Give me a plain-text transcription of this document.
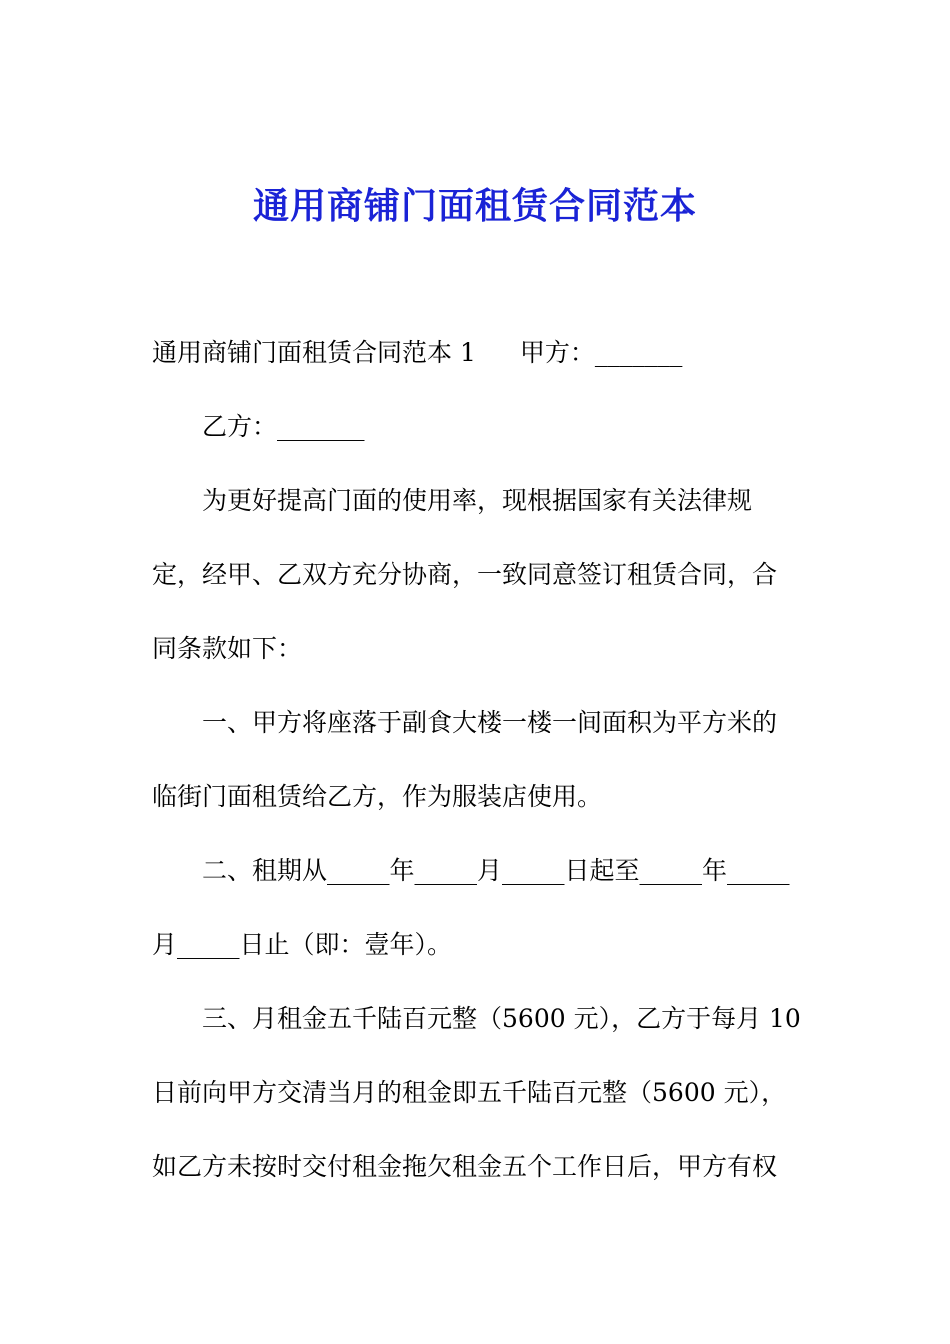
通用商铺门面租赁合同范本
通用商铺门面租赁合同范本 1 甲方：_______
乙方：_______
为更好提高门面的使用率，现根据国家有关法律规
定，经甲、乙双方充分协商，一致同意签订租赁合同，合
同条款如下：
一、甲方将座落于副食大楼一楼一间面积为平方米的
临街门面租赁给乙方，作为服装店使用。
二、租期从_____年_____月_____日起至_____年_____
月_____日止（即：壹年）。
三、月租金五千陆百元整（5600 元），乙方于每月 10
日前向甲方交清当月的租金即五千陆百元整（5600 元），
如乙方未按时交付租金拖欠租金五个工作日后，甲方有权
